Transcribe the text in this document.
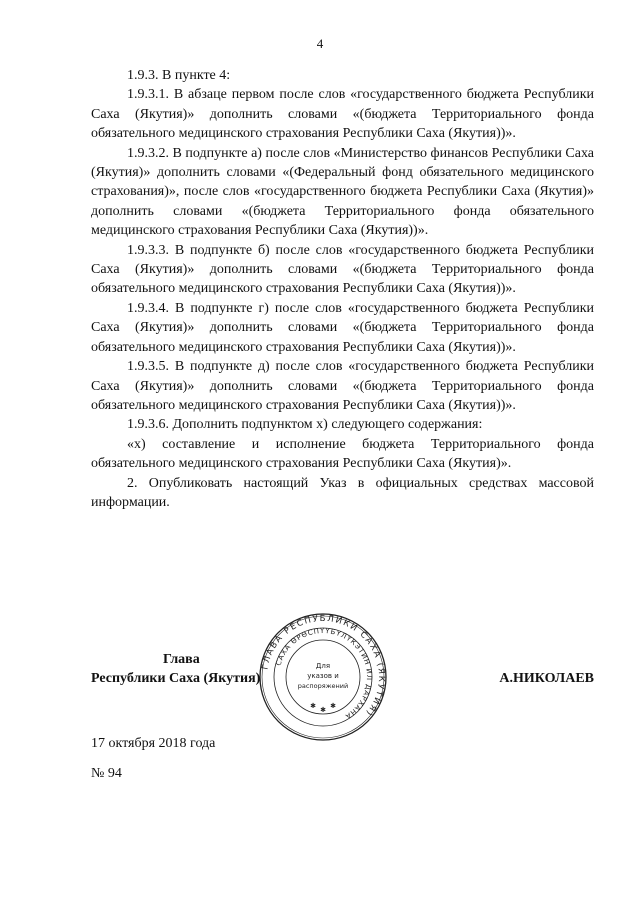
4

1.9.3. В пункте 4:

1.9.3.1. В абзаце первом после слов «государственного бюджета Республики Саха (Якутия)» дополнить словами «(бюджета Территориального фонда обязательного медицинского страхования Республики Саха (Якутия))».

1.9.3.2. В подпункте а) после слов «Министерство финансов Республики Саха (Якутия)» дополнить словами «(Федеральный фонд обязательного медицинского страхования)», после слов «государственного бюджета Республики Саха (Якутия)» дополнить словами «(бюджета Территориального фонда обязательного медицинского страхования Республики Саха (Якутия))».

1.9.3.3. В подпункте б) после слов «государственного бюджета Республики Саха (Якутия)» дополнить словами «(бюджета Территориального фонда обязательного медицинского страхования Республики Саха (Якутия))».

1.9.3.4. В подпункте г) после слов «государственного бюджета Республики Саха (Якутия)» дополнить словами «(бюджета Территориального фонда обязательного медицинского страхования Республики Саха (Якутия))».

1.9.3.5. В подпункте д) после слов «государственного бюджета Республики Саха (Якутия)» дополнить словами «(бюджета Территориального фонда обязательного медицинского страхования Республики Саха (Якутия))».

1.9.3.6. Дополнить подпунктом х) следующего содержания:

«х) составление и исполнение бюджета Территориального фонда обязательного медицинского страхования Республики Саха (Якутия)».

2. Опубликовать настоящий Указ в официальных средствах массовой информации.

Глава
Республики Саха (Якутия)	А.НИКОЛАЕВ
ГЛАВА РЕСПУБЛИКИ САХА (ЯКУТИЯ)
САХА ӨРӨСПҮҮБҮЛҮКЭТИН ИЛ ДАРХАНА
Для
указов и
распоряжений
✱ ✱ ✱
17 октября 2018 года
№ 94
